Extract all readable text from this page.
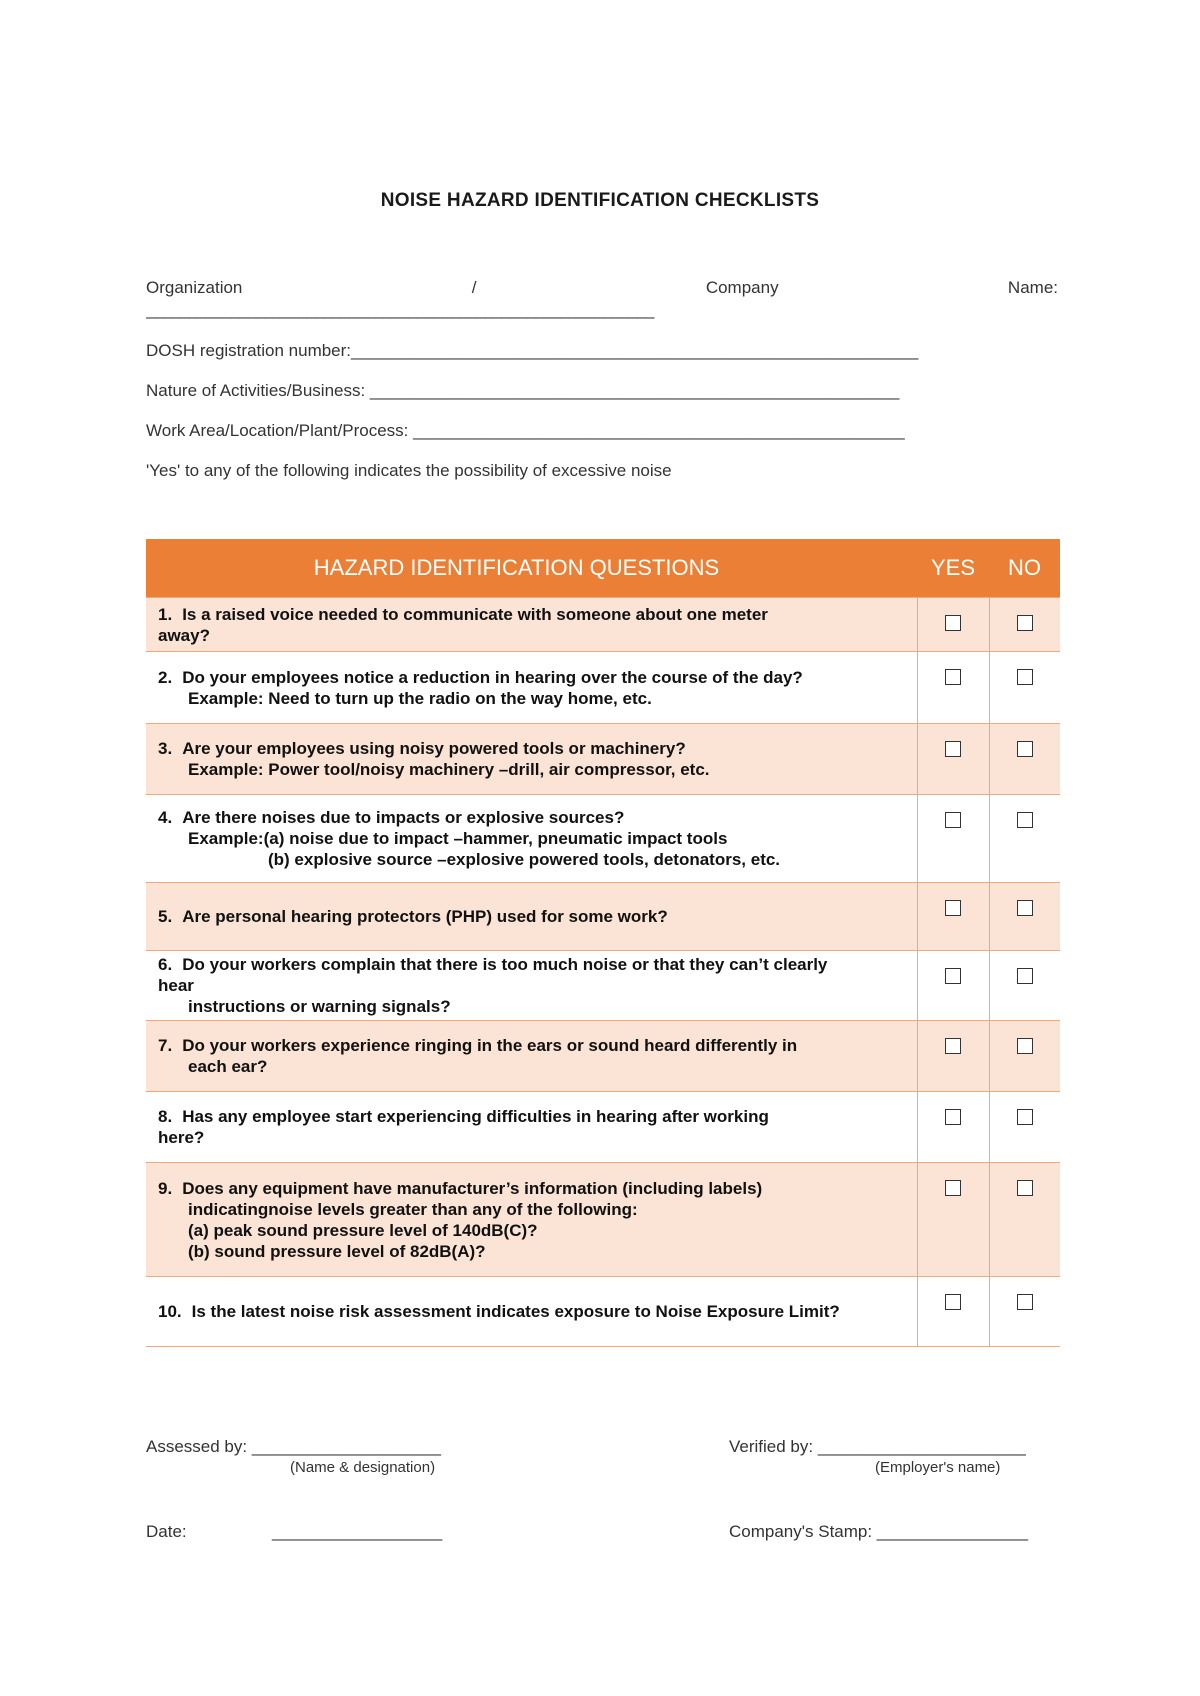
NOISE HAZARD IDENTIFICATION CHECKLISTS
Organization	/	Company	Name:
____________________________________________________________
DOSH registration number:____________________________________________________________
Nature of Activities/Business: ________________________________________________________
Work Area/Location/Plant/Process: ____________________________________________________
'Yes' to any of the following indicates the possibility of excessive noise
HAZARD IDENTIFICATION QUESTIONS	YES	NO
1. Is a raised voice needed to communicate with someone about one meter
away?		
2. Do your employees notice a reduction in hearing over the course of the day?
Example: Need to turn up the radio on the way home, etc.		

3. Are your employees using noisy powered tools or machinery?
Example: Power tool/noisy machinery –drill, air compressor, etc.		

4. Are there noises due to impacts or explosive sources?
Example:(a) noise due to impact –hammer, pneumatic impact tools
(b) explosive source –explosive powered tools, detonators, etc.		

5. Are personal hearing protectors (PHP) used for some work?		
6. Do your workers complain that there is too much noise or that they can’t clearly
hear
instructions or warning signals?		

7. Do your workers experience ringing in the ears or sound heard differently in
each ear?		

8. Has any employee start experiencing difficulties in hearing after working
here?		
9. Does any equipment have manufacturer’s information (including labels)
indicatingnoise levels greater than any of the following:
(a) peak sound pressure level of 140dB(C)?
(b) sound pressure level of 82dB(A)?		

10. Is the latest noise risk assessment indicates exposure to Noise Exposure Limit?		
Assessed by: ____________________
(Name & designation)
Verified by: ______________________
(Employer's name)
Date:	__________________	Company's Stamp: ________________
